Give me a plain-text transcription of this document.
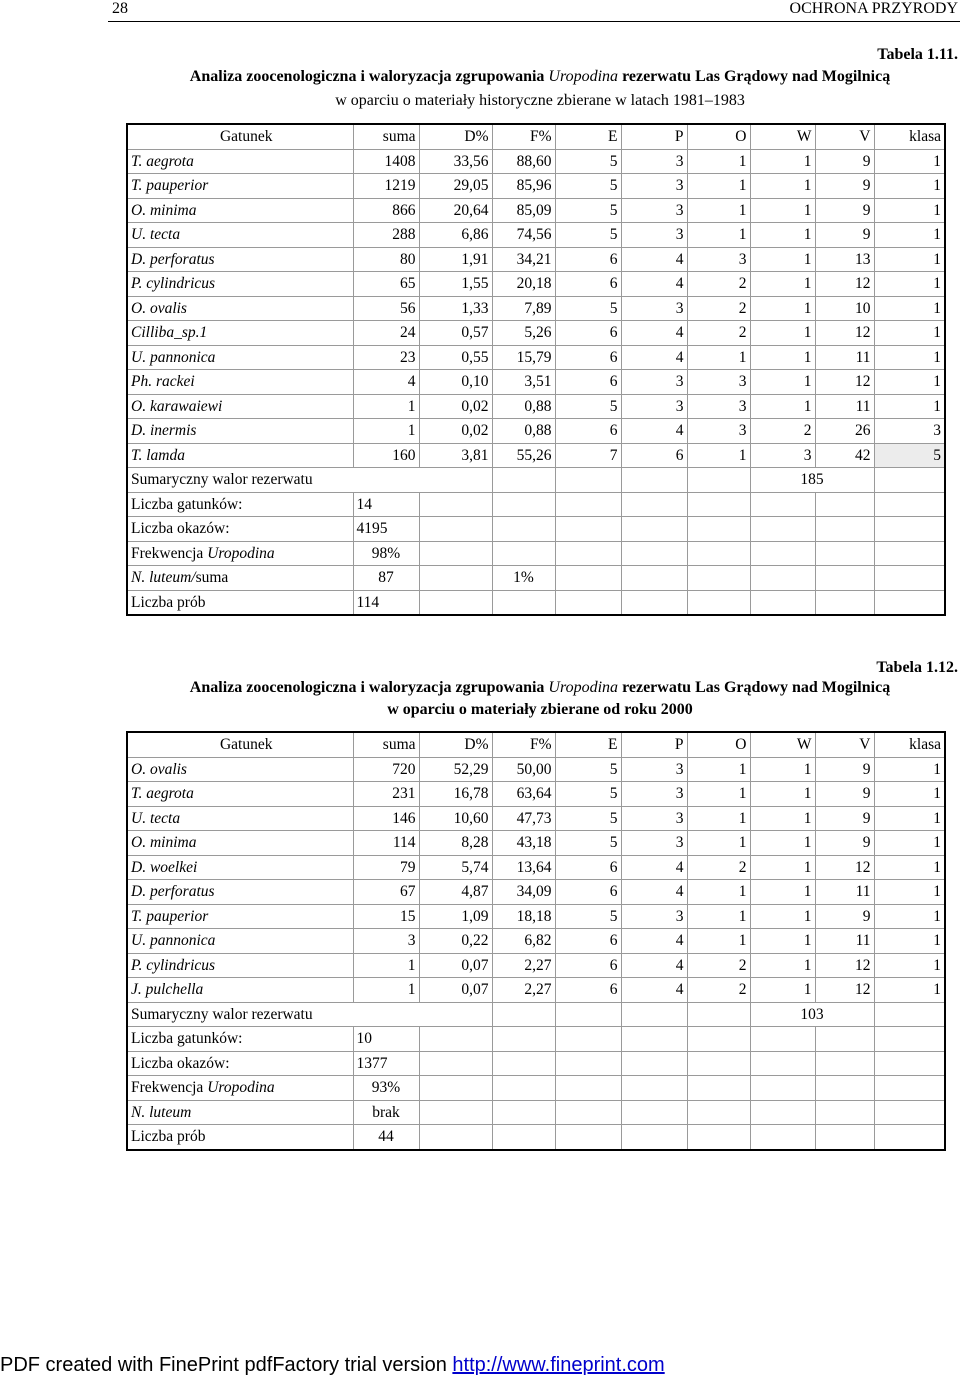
28	OCHRONA PRZYRODY
Tabela 1.11.
Analiza zoocenologiczna i waloryzacja zgrupowania Uropodina rezerwatu Las Grądowy nad Mogilnicą
w oparciu o materiały historyczne zbierane w latach 1981–1983
Gatunek	suma	D%	F%	E	P	O	W	V	klasa
T. aegrota	1408	33,56	88,60	5	3	1	1	9	1
T. pauperior	1219	29,05	85,96	5	3	1	1	9	1
O. minima	866	20,64	85,09	5	3	1	1	9	1
U. tecta	288	6,86	74,56	5	3	1	1	9	1
D. perforatus	80	1,91	34,21	6	4	3	1	13	1
P. cylindricus	65	1,55	20,18	6	4	2	1	12	1
O. ovalis	56	1,33	7,89	5	3	2	1	10	1
Cilliba_sp.1	24	0,57	5,26	6	4	2	1	12	1
U. pannonica	23	0,55	15,79	6	4	1	1	11	1
Ph. rackei	4	0,10	3,51	6	3	3	1	12	1
O. karawaiewi	1	0,02	0,88	5	3	3	1	11	1
D. inermis	1	0,02	0,88	6	4	3	2	26	3
T. lamda	160	3,81	55,26	7	6	1	3	42	5
Sumaryczny walor rezerwatu							185		
Liczba gatunków:	14								
Liczba okazów:	4195								
Frekwencja Uropodina	98%								
N. luteum/suma	87		1%						
Liczba prób	114								
Tabela 1.12.
Analiza zoocenologiczna i waloryzacja zgrupowania Uropodina rezerwatu Las Grądowy nad Mogilnicą
w oparciu o materiały zbierane od roku 2000
Gatunek	suma	D%	F%	E	P	O	W	V	klasa
O. ovalis	720	52,29	50,00	5	3	1	1	9	1
T. aegrota	231	16,78	63,64	5	3	1	1	9	1
U. tecta	146	10,60	47,73	5	3	1	1	9	1
O. minima	114	8,28	43,18	5	3	1	1	9	1
D. woelkei	79	5,74	13,64	6	4	2	1	12	1
D. perforatus	67	4,87	34,09	6	4	1	1	11	1
T. pauperior	15	1,09	18,18	5	3	1	1	9	1
U. pannonica	3	0,22	6,82	6	4	1	1	11	1
P. cylindricus	1	0,07	2,27	6	4	2	1	12	1
J. pulchella	1	0,07	2,27	6	4	2	1	12	1
Sumaryczny walor rezerwatu							103		
Liczba gatunków:	10								
Liczba okazów:	1377								
Frekwencja Uropodina	93%								
N. luteum	brak								
Liczba prób	44								
PDF created with FinePrint pdfFactory trial version http://www.fineprint.com
